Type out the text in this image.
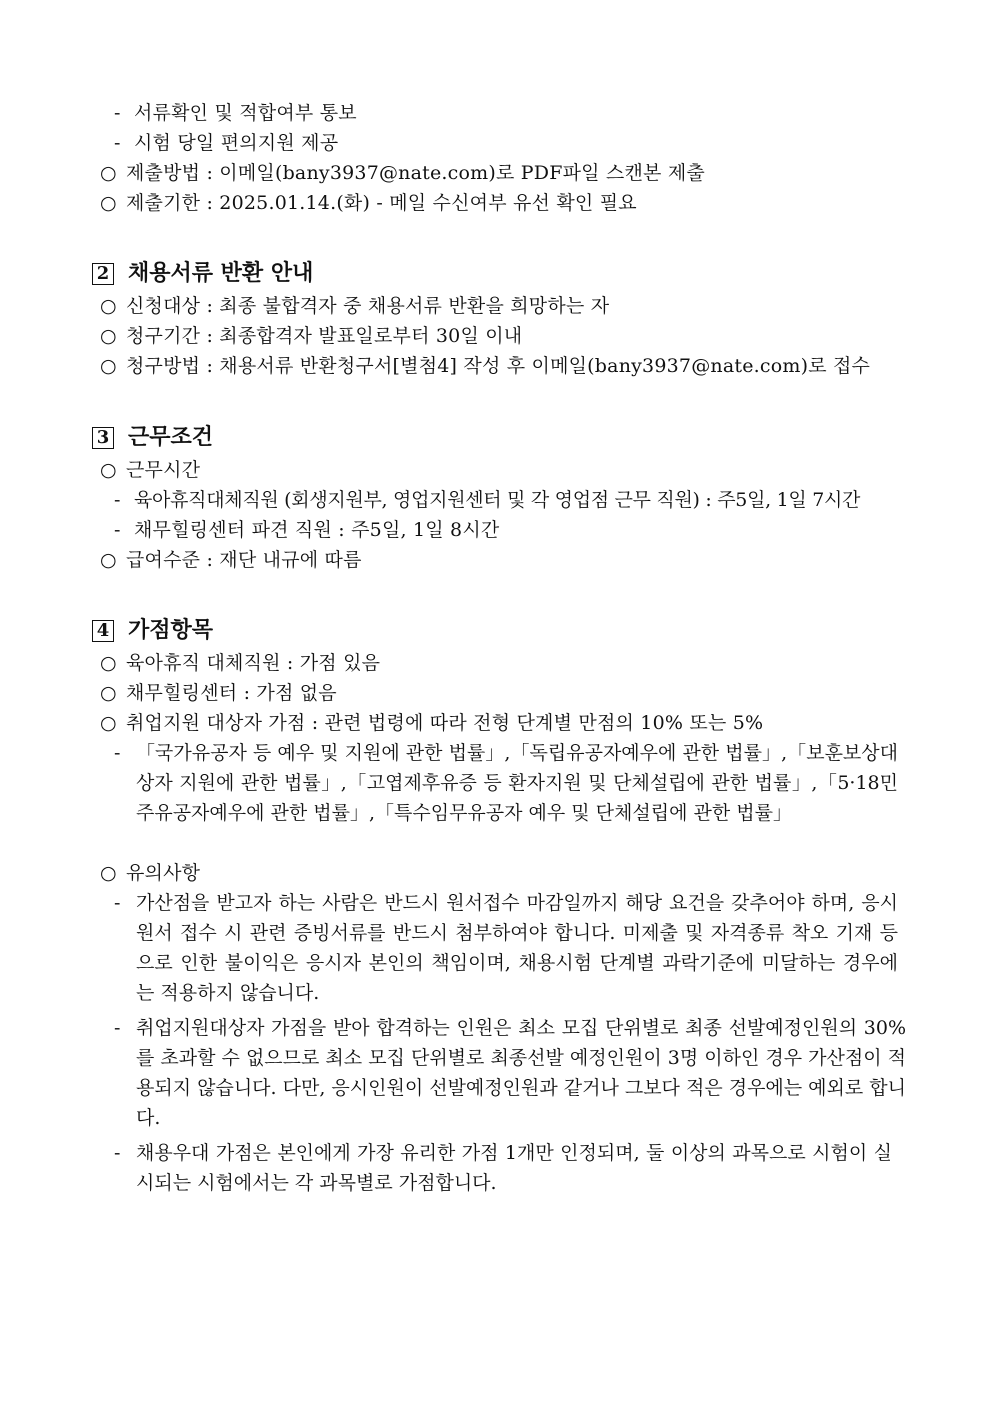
- 서류확인 및 적합여부 통보
- 시험 당일 편의지원 제공
○ 제출방법 : 이메일(bany3937@nate.com)로 PDF파일 스캔본 제출
○ 제출기한 : 2025.01.14.(화) - 메일 수신여부 유선 확인 필요
2 채용서류 반환 안내
○ 신청대상 : 최종 불합격자 중 채용서류 반환을 희망하는 자
○ 청구기간 : 최종합격자 발표일로부터 30일 이내
○ 청구방법 : 채용서류 반환청구서[별첨4] 작성 후 이메일(bany3937@nate.com)로 접수
3 근무조건
○ 근무시간
- 육아휴직대체직원 (회생지원부, 영업지원센터 및 각 영업점 근무 직원) : 주5일, 1일 7시간
- 채무힐링센터 파견 직원 : 주5일, 1일 8시간
○ 급여수준 : 재단 내규에 따름
4 가점항목
○ 육아휴직 대체직원 : 가점 있음
○ 채무힐링센터 : 가점 없음
○ 취업지원 대상자 가점 : 관련 법령에 따라 전형 단계별 만점의 10% 또는 5%
- 「국가유공자 등 예우 및 지원에 관한 법률」,「독립유공자예우에 관한 법률」,「보훈보상대상자 지원에 관한 법률」,「고엽제후유증 등 환자지원 및 단체설립에 관한 법률」,「5·18민주유공자예우에 관한 법률」,「특수임무유공자 예우 및 단체설립에 관한 법률」
○ 유의사항
- 가산점을 받고자 하는 사람은 반드시 원서접수 마감일까지 해당 요건을 갖추어야 하며, 응시원서 접수 시 관련 증빙서류를 반드시 첨부하여야 합니다. 미제출 및 자격종류 착오 기재 등으로 인한 불이익은 응시자 본인의 책임이며, 채용시험 단계별 과락기준에 미달하는 경우에는 적용하지 않습니다.
- 취업지원대상자 가점을 받아 합격하는 인원은 최소 모집 단위별로 최종 선발예정인원의 30%를 초과할 수 없으므로 최소 모집 단위별로 최종선발 예정인원이 3명 이하인 경우 가산점이 적용되지 않습니다. 다만, 응시인원이 선발예정인원과 같거나 그보다 적은 경우에는 예외로 합니다.
- 채용우대 가점은 본인에게 가장 유리한 가점 1개만 인정되며, 둘 이상의 과목으로 시험이 실시되는 시험에서는 각 과목별로 가점합니다.
